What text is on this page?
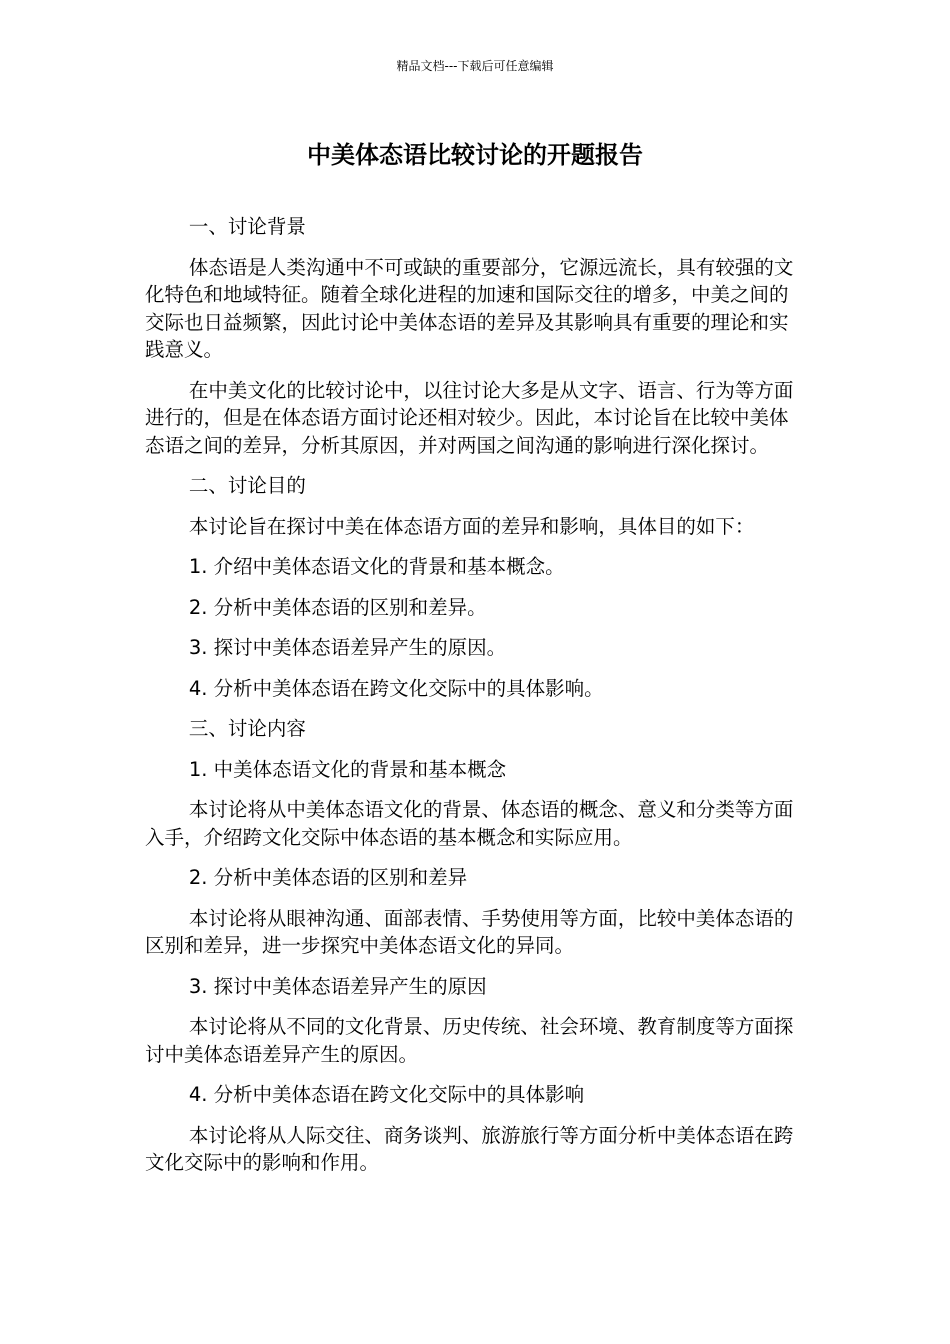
精品文档---下载后可任意编辑
中美体态语比较讨论的开题报告

一、讨论背景

体态语是人类沟通中不可或缺的重要部分，它源远流长，具有较强的文化特色和地域特征。随着全球化进程的加速和国际交往的增多，中美之间的交际也日益频繁，因此讨论中美体态语的差异及其影响具有重要的理论和实践意义。

在中美文化的比较讨论中，以往讨论大多是从文字、语言、行为等方面进行的，但是在体态语方面讨论还相对较少。因此，本讨论旨在比较中美体态语之间的差异，分析其原因，并对两国之间沟通的影响进行深化探讨。

二、讨论目的

本讨论旨在探讨中美在体态语方面的差异和影响，具体目的如下：

1. 介绍中美体态语文化的背景和基本概念。

2. 分析中美体态语的区别和差异。

3. 探讨中美体态语差异产生的原因。

4. 分析中美体态语在跨文化交际中的具体影响。

三、讨论内容

1. 中美体态语文化的背景和基本概念

本讨论将从中美体态语文化的背景、体态语的概念、意义和分类等方面入手，介绍跨文化交际中体态语的基本概念和实际应用。

2. 分析中美体态语的区别和差异

本讨论将从眼神沟通、面部表情、手势使用等方面，比较中美体态语的区别和差异，进一步探究中美体态语文化的异同。

3. 探讨中美体态语差异产生的原因

本讨论将从不同的文化背景、历史传统、社会环境、教育制度等方面探讨中美体态语差异产生的原因。

4. 分析中美体态语在跨文化交际中的具体影响

本讨论将从人际交往、商务谈判、旅游旅行等方面分析中美体态语在跨文化交际中的影响和作用。
